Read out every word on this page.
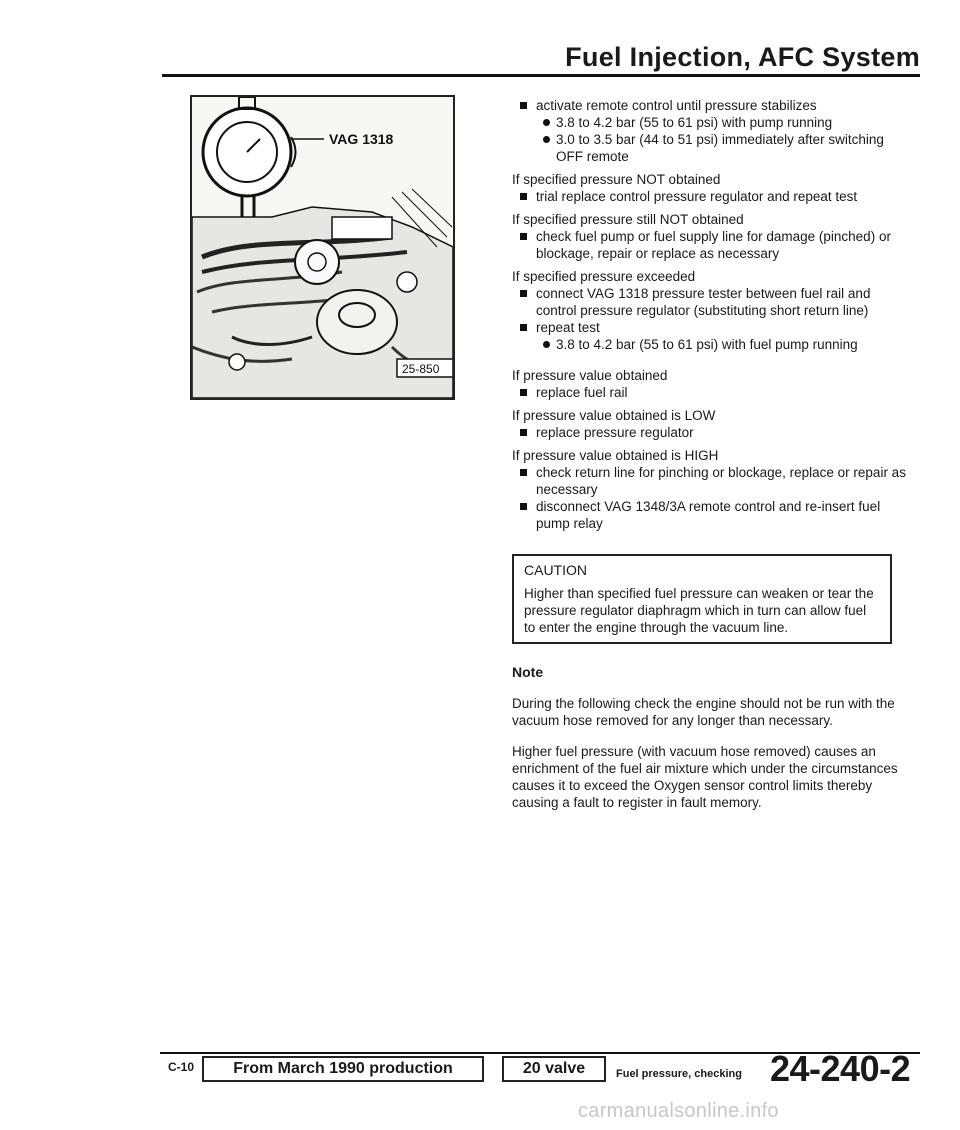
Fuel Injection, AFC System
VAG 1318
25-850

activate remote control until pressure stabilizes

3.8 to 4.2 bar (55 to 61 psi) with pump running

3.0 to 3.5 bar (44 to 51 psi) immediately after switching OFF remote

If specified pressure NOT obtained

trial replace control pressure regulator and repeat test

If specified pressure still NOT obtained

check fuel pump or fuel supply line for damage (pinched) or blockage, repair or replace as necessary

If specified pressure exceeded

connect VAG 1318 pressure tester between fuel rail and control pressure regulator (substituting short return line)

repeat test

3.8 to 4.2 bar (55 to 61 psi) with fuel pump running

If pressure value obtained

replace fuel rail

If pressure value obtained is LOW

replace pressure regulator

If pressure value obtained is HIGH

check return line for pinching or blockage, replace or repair as necessary

disconnect VAG 1348/3A remote control and re-insert fuel pump relay

CAUTION

Higher than specified fuel pressure can weaken or tear the pressure regulator diaphragm which in turn can allow fuel to enter the engine through the vacuum line.

Note

During the following check the engine should not be run with the vacuum hose removed for any longer than necessary.

Higher fuel pressure (with vacuum hose removed) causes an enrichment of the fuel air mixture which under the circumstances causes it to exceed the Oxygen sensor control limits thereby causing a fault to register in fault memory.

C-10	From March 1990 production	20 valve	Fuel pressure, checking 24-240-2
carmanualsonline.info
